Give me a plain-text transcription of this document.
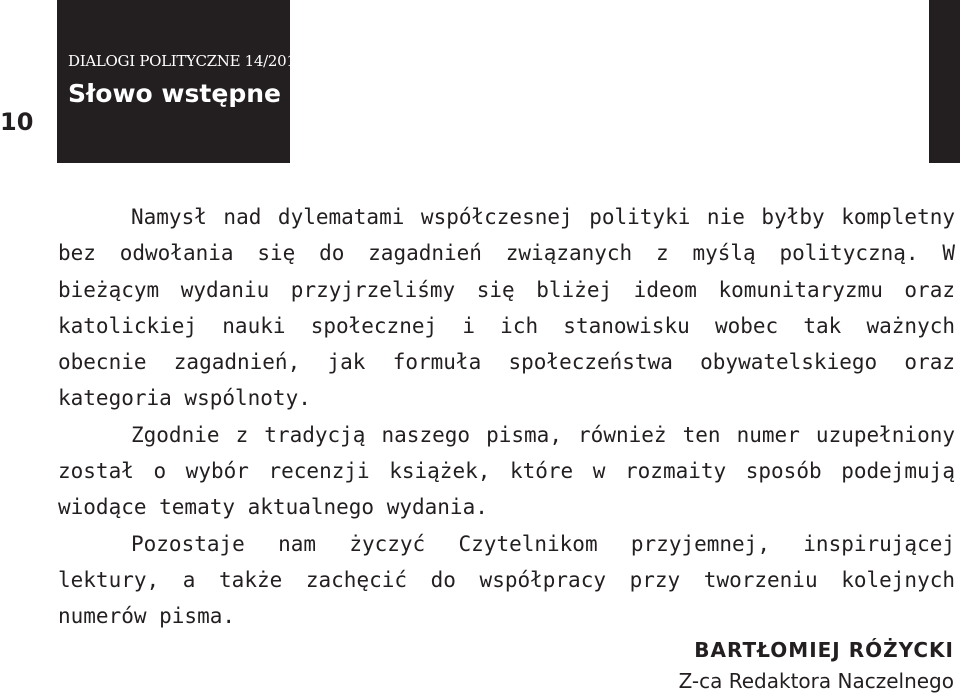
10
DIALOGI POLITYCZNE 14/2011
Słowo wstępne

Namysł nad dylematami współczesnej polityki nie byłby kompletny bez odwołania się do zagadnień związanych z myślą polityczną. W bieżącym wydaniu przyjrzeliśmy się bliżej ideom komunitaryzmu oraz katolickiej nauki społecznej i ich stanowisku wobec tak ważnych obecnie zagadnień, jak formuła społeczeństwa obywatelskiego oraz kategoria wspólnoty.

Zgodnie z tradycją naszego pisma, również ten numer uzupełniony został o wybór recenzji książek, które w rozmaity sposób podejmują wiodące tematy aktualnego wydania.

Pozostaje nam życzyć Czytelnikom przyjemnej, inspirującej lektury, a także zachęcić do współpracy przy tworzeniu kolejnych numerów pisma.

BARTŁOMIEJ RÓŻYCKI
Z-ca Redaktora Naczelnego
